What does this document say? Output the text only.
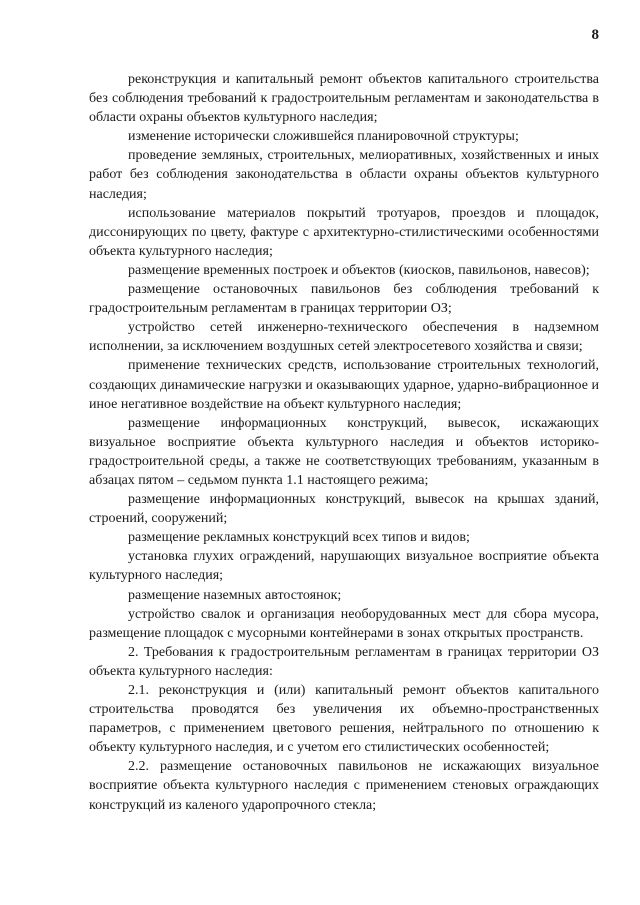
8

реконструкция и капитальный ремонт объектов капитального строительства без соблюдения требований к градостроительным регламентам и законодательства в области охраны объектов культурного наследия;

изменение исторически сложившейся планировочной структуры;

проведение земляных, строительных, мелиоративных, хозяйственных и иных работ без соблюдения законодательства в области охраны объектов культурного наследия;

использование материалов покрытий тротуаров, проездов и площадок, диссонирующих по цвету, фактуре с архитектурно-стилистическими особенностями объекта культурного наследия;

размещение временных построек и объектов (киосков, павильонов, навесов);

размещение остановочных павильонов без соблюдения требований к градостроительным регламентам в границах территории ОЗ;

устройство сетей инженерно-технического обеспечения в надземном исполнении, за исключением воздушных сетей электросетевого хозяйства и связи;

применение технических средств, использование строительных технологий, создающих динамические нагрузки и оказывающих ударное, ударно-вибрационное и иное негативное воздействие на объект культурного наследия;

размещение информационных конструкций, вывесок, искажающих визуальное восприятие объекта культурного наследия и объектов историко-градостроительной среды, а также не соответствующих требованиям, указанным в абзацах пятом – седьмом пункта 1.1 настоящего режима;

размещение информационных конструкций, вывесок на крышах зданий, строений, сооружений;

размещение рекламных конструкций всех типов и видов;

установка глухих ограждений, нарушающих визуальное восприятие объекта культурного наследия;

размещение наземных автостоянок;

устройство свалок и организация необорудованных мест для сбора мусора, размещение площадок с мусорными контейнерами в зонах открытых пространств.

2. Требования к градостроительным регламентам в границах территории ОЗ объекта культурного наследия:

2.1. реконструкция и (или) капитальный ремонт объектов капитального строительства проводятся без увеличения их объемно-пространственных параметров, с применением цветового решения, нейтрального по отношению к объекту культурного наследия, и с учетом его стилистических особенностей;

2.2. размещение остановочных павильонов не искажающих визуальное восприятие объекта культурного наследия с применением стеновых ограждающих конструкций из каленого ударопрочного стекла;
